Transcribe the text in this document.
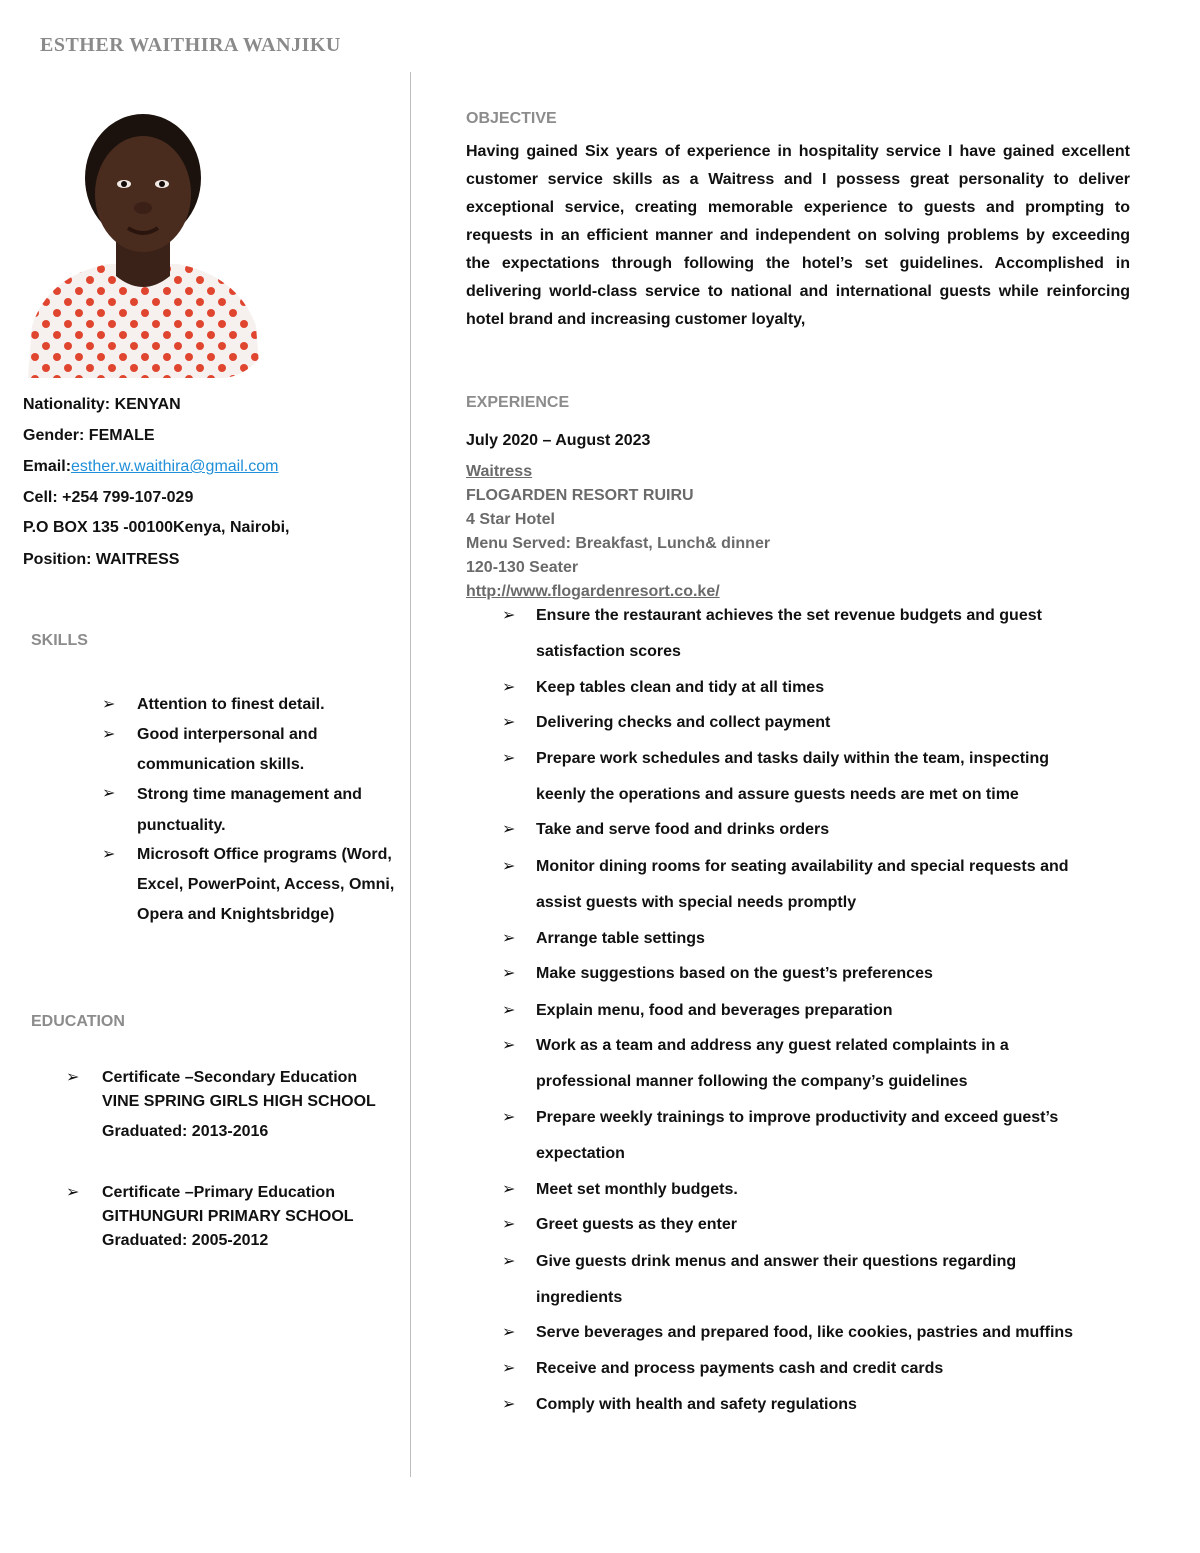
ESTHER WAITHIRA WANJIKU
Nationality: KENYAN
Gender: FEMALE
Email:esther.w.waithira@gmail.com
Cell: +254 799-107-029
P.O BOX 135 -00100Kenya, Nairobi,
Position: WAITRESS
SKILLS
➢ Attention to finest detail.
➢ Good interpersonal and
communication skills.
➢ Strong time management and
punctuality.
➢ Microsoft Office programs (Word,
Excel, PowerPoint, Access, Omni,
Opera and Knightsbridge)
EDUCATION
➢ Certificate –Secondary Education
VINE SPRING GIRLS HIGH SCHOOL
Graduated: 2013-2016
➢ Certificate –Primary Education
GITHUNGURI PRIMARY SCHOOL
Graduated: 2005-2012
OBJECTIVE
Having gained Six years of experience in hospitality service I have gained excellent customer service skills as a Waitress and I possess great personality to deliver exceptional service, creating memorable experience to guests and prompting to requests in an efficient manner and independent on solving problems by exceeding the expectations through following the hotel’s set guidelines. Accomplished in delivering world-class service to national and international guests while reinforcing hotel brand and increasing customer loyalty,
EXPERIENCE
July 2020 – August 2023
Waitress
FLOGARDEN RESORT RUIRU
4 Star Hotel
Menu Served: Breakfast, Lunch& dinner
120-130 Seater
http://www.flogardenresort.co.ke/
➢ Ensure the restaurant achieves the set revenue budgets and guest
satisfaction scores
➢ Keep tables clean and tidy at all times
➢ Delivering checks and collect payment
➢ Prepare work schedules and tasks daily within the team, inspecting
keenly the operations and assure guests needs are met on time
➢ Take and serve food and drinks orders
➢ Monitor dining rooms for seating availability and special requests and
assist guests with special needs promptly
➢ Arrange table settings
➢ Make suggestions based on the guest’s preferences
➢ Explain menu, food and beverages preparation
➢ Work as a team and address any guest related complaints in a
professional manner following the company’s guidelines
➢ Prepare weekly trainings to improve productivity and exceed guest’s
expectation
➢ Meet set monthly budgets.
➢ Greet guests as they enter
➢ Give guests drink menus and answer their questions regarding
ingredients
➢ Serve beverages and prepared food, like cookies, pastries and muffins
➢ Receive and process payments cash and credit cards
➢ Comply with health and safety regulations
